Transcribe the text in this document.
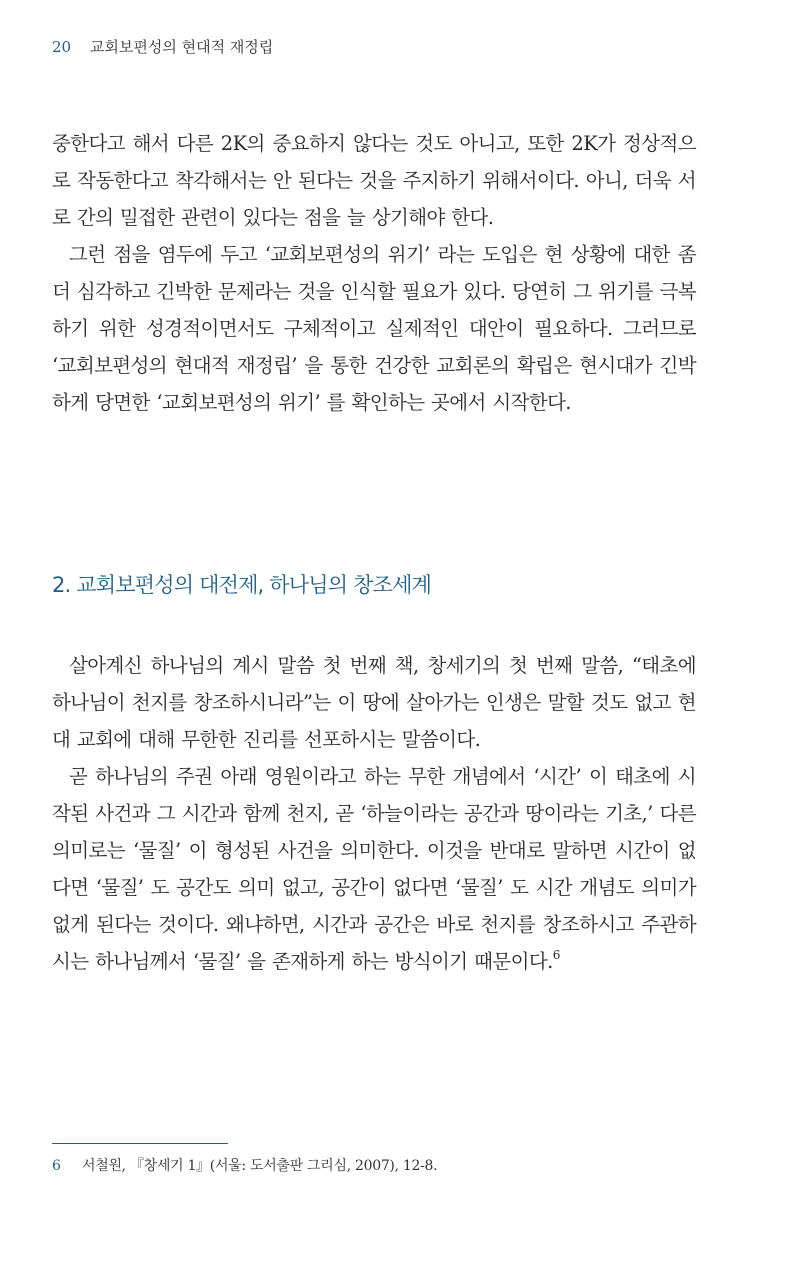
20 교회보편성의 현대적 재정립

중한다고 해서 다른 2K의 중요하지 않다는 것도 아니고, 또한 2K가 정상적으로 작동한다고 착각해서는 안 된다는 것을 주지하기 위해서이다. 아니, 더욱 서로 간의 밀접한 관련이 있다는 점을 늘 상기해야 한다.

그런 점을 염두에 두고 ‘교회보편성의 위기’ 라는 도입은 현 상황에 대한 좀 더 심각하고 긴박한 문제라는 것을 인식할 필요가 있다. 당연히 그 위기를 극복하기 위한 성경적이면서도 구체적이고 실제적인 대안이 필요하다. 그러므로 ‘교회보편성의 현대적 재정립’ 을 통한 건강한 교회론의 확립은 현시대가 긴박하게 당면한 ‘교회보편성의 위기’ 를 확인하는 곳에서 시작한다.

2. 교회보편성의 대전제, 하나님의 창조세계

살아계신 하나님의 계시 말씀 첫 번째 책, 창세기의 첫 번째 말씀, “태초에 하나님이 천지를 창조하시니라”는 이 땅에 살아가는 인생은 말할 것도 없고 현대 교회에 대해 무한한 진리를 선포하시는 말씀이다.

곧 하나님의 주권 아래 영원이라고 하는 무한 개념에서 ‘시간’ 이 태초에 시작된 사건과 그 시간과 함께 천지, 곧 ‘하늘이라는 공간과 땅이라는 기초,’ 다른 의미로는 ‘물질’ 이 형성된 사건을 의미한다. 이것을 반대로 말하면 시간이 없다면 ‘물질’ 도 공간도 의미 없고, 공간이 없다면 ‘물질’ 도 시간 개념도 의미가 없게 된다는 것이다. 왜냐하면, 시간과 공간은 바로 천지를 창조하시고 주관하시는 하나님께서 ‘물질’ 을 존재하게 하는 방식이기 때문이다.$^6$

6 서철원, 『창세기 1』(서울: 도서출판 그리심, 2007), 12-8.
